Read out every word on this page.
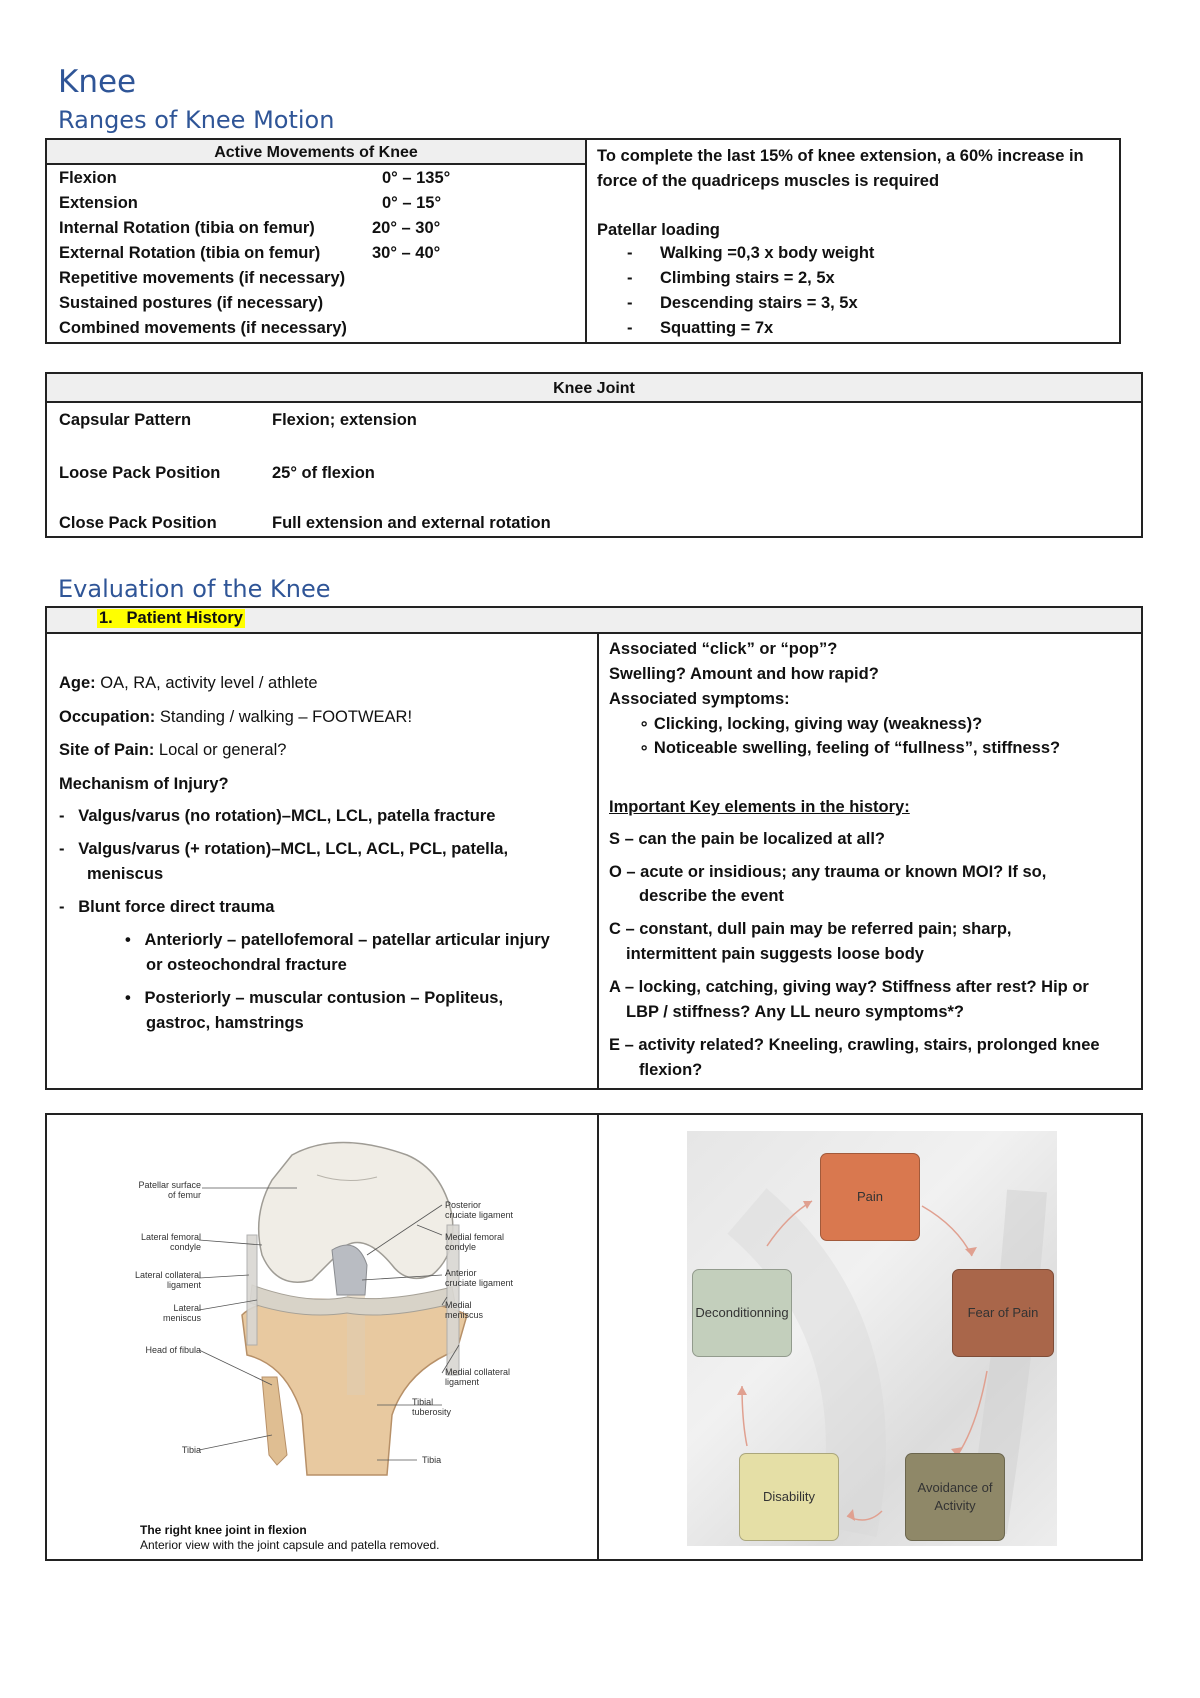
Knee
Ranges of Knee Motion
Active Movements of Knee
Flexion	0° – 135°
Extension	0° – 15°
Internal Rotation (tibia on femur)	20° – 30°
External Rotation (tibia on femur)	30° – 40°
Repetitive movements (if necessary)
Sustained postures (if necessary)
Combined movements (if necessary)
To complete the last 15% of knee extension, a 60% increase in
force of the quadriceps muscles is required
Patellar loading
-      Walking =0,3 x body weight
-      Climbing stairs = 2, 5x
-      Descending stairs = 3, 5x
-      Squatting = 7x
Knee Joint
Capsular Pattern	Flexion; extension
Loose Pack Position	25° of flexion
Close Pack Position	Full extension and external rotation
Evaluation of the Knee
1. Patient History
Age: OA, RA, activity level / athlete
Occupation: Standing / walking – FOOTWEAR!
Site of Pain: Local or general?
Mechanism of Injury?
-   Valgus/varus (no rotation)–MCL, LCL, patella fracture
-   Valgus/varus (+ rotation)–MCL, LCL, ACL, PCL, patella,
meniscus
-   Blunt force direct trauma
•   Anteriorly – patellofemoral – patellar articular injury
or osteochondral fracture
•   Posteriorly – muscular contusion – Popliteus,
gastroc, hamstrings
Associated “click” or “pop”?
Swelling? Amount and how rapid?
Associated symptoms:
∘ Clicking, locking, giving way (weakness)?
∘ Noticeable swelling, feeling of “fullness”, stiffness?
Important Key elements in the history:
S – can the pain be localized at all?
O – acute or insidious; any trauma or known MOI? If so,
describe the event
C – constant, dull pain may be referred pain; sharp,
intermittent pain suggests loose body
A – locking, catching, giving way? Stiffness after rest? Hip or
LBP / stiffness? Any LL neuro symptoms*?
E – activity related? Kneeling, crawling, stairs, prolonged knee
flexion?
Patellar surface
of femur
Lateral femoral
condyle
Lateral collateral
ligament
Lateral
meniscus
Head of fibula
Tibia
Posterior
cruciate ligament
Medial femoral
condyle
Anterior
cruciate ligament
Medial
meniscus
Medial collateral
ligament
Tibial
tuberosity
Tibia
The right knee joint in flexion
Anterior view with the joint capsule and patella removed.
Pain
Fear of Pain
Avoidance of Activity
Disability
Deconditionning
